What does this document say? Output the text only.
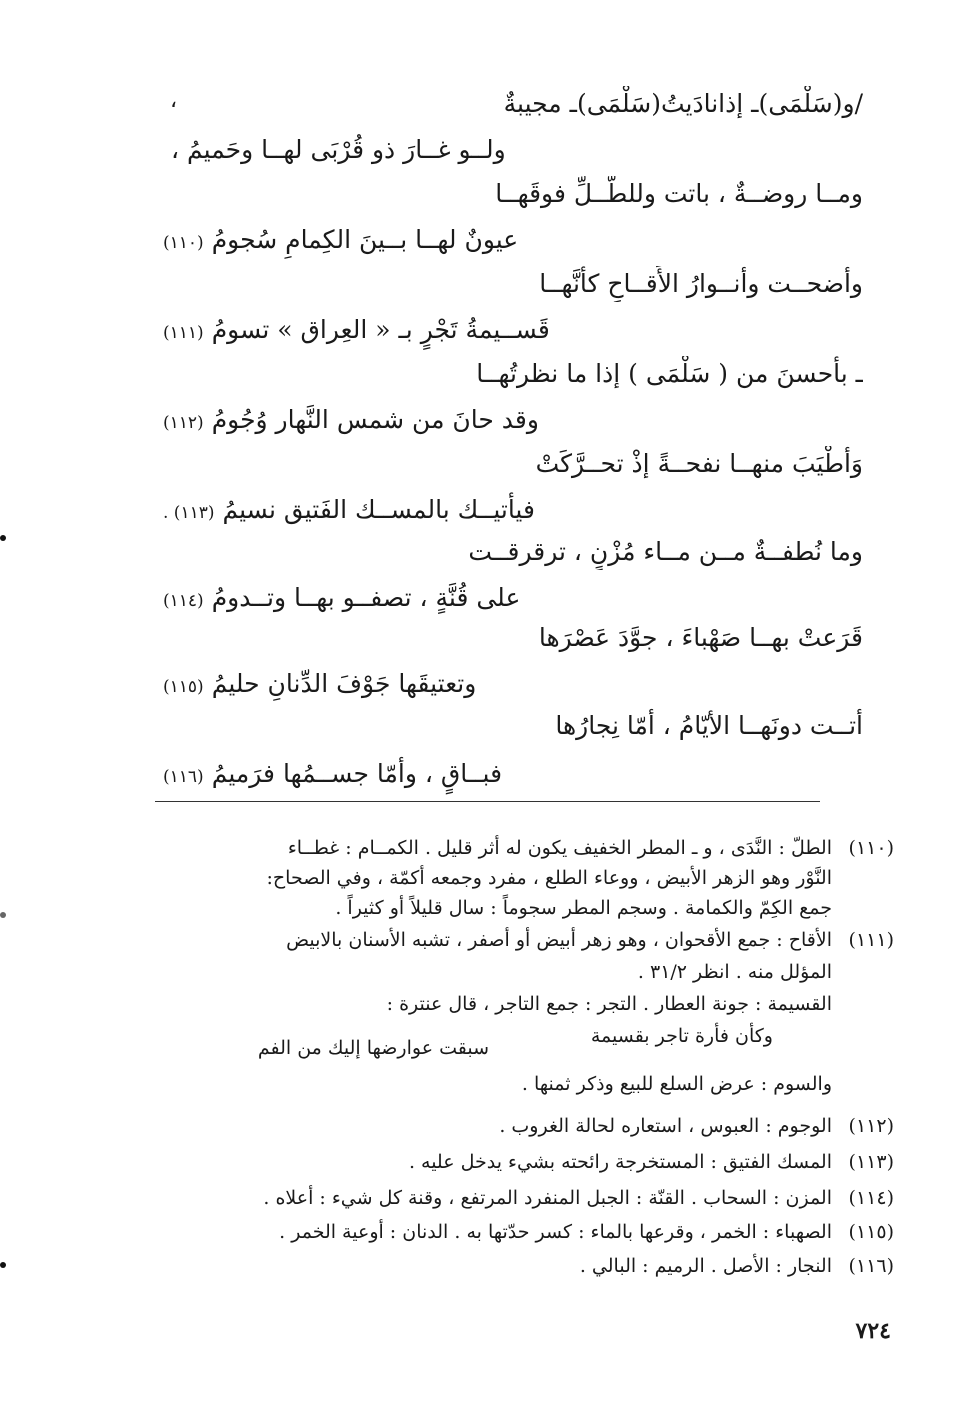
،	/و(سَلْمَى)ـ إذانادَيتُ(سَلْمَى)ـ مجيبةٌ
ولــو غــارَ ذو قُرْبَى لهــا وحَميمُ ،
ومــا روضــةٌ ، باتت وللطَّــلِّ فوقَهــا
عيونٌ لهــا بــينَ الكِمامِ سُجومُ(١١٠)
وأضحــت وأنــوارُ الأَقــاحِ كأنَّهــا
قَســيمةُ تَجْرٍ بـ « العِراق » تسومُ(١١١)
ـ بأحسنَ من ( سَلْمَى ) إذا ما نظرتُهــا
وقد حانَ من شمس النَّهار وُجُومُ(١١٢)
وَأطْيَبَ منهــا نفحــةً إذْ تحــرَّكَتْ
فيأتيــك بالمســك الفَتيق نسيمُ(١١٣) .
وما نُطفــةٌ مــن مــاء مُزْنٍ ، ترقرقــت
على قُنَّةٍ ، تصفــو بهــا وتــدومُ(١١٤)
قَرَعتْ بهــا صَهْباءَ ، جوَّدَ عَصْرَها
وتعتيقَها جَوْفَ الدِّنانِ حليمُ(١١٥)
أتــت دونَهــا الأيّامُ ، أمّا نِجارُها
فبــاقٍ ، وأمّا جســمُها فرَميمُ(١١٦)
(١١٠)الطلّ : النَّدَى ، و ـ المطر الخفيف يكون له أثر قليل . الكمــام : غطــاء
النَّوْر وهو الزهر الأبيض ، ووعاء الطلع ، مفرد وجمعه أكمّة ، وفي الصحاح:
جمع الكِمّ والكمامة . وسجم المطر سجوماً : سال قليلاً أو كثيراً .
(١١١)الأقاح : جمع الأقحوان ، وهو زهر أبيض أو أصفر ، تشبه الأسنان بالابيض
المؤلل منه . انظر ٣١/٢ .
القسيمة : جونة العطار . التجر : جمع التاجر ، قال عنترة :
وكأن فأرة تاجر بقسيمة
سبقت عوارضها إليك من الفم
والسوم : عرض السلع للبيع وذكر ثمنها .
(١١٢)الوجوم : العبوس ، استعاره لحالة الغروب .
(١١٣)المسك الفتيق : المستخرجة رائحته بشيء يدخل عليه .
(١١٤)المزن : السحاب . القنّة : الجبل المنفرد المرتفع ، وقنة كل شيء : أعلاه .
(١١٥)الصهباء : الخمر ، وقرعها بالماء : كسر حدّتها به . الدنان : أوعية الخمر .
(١١٦)النجار : الأصل . الرميم : البالي .
٧٢٤
